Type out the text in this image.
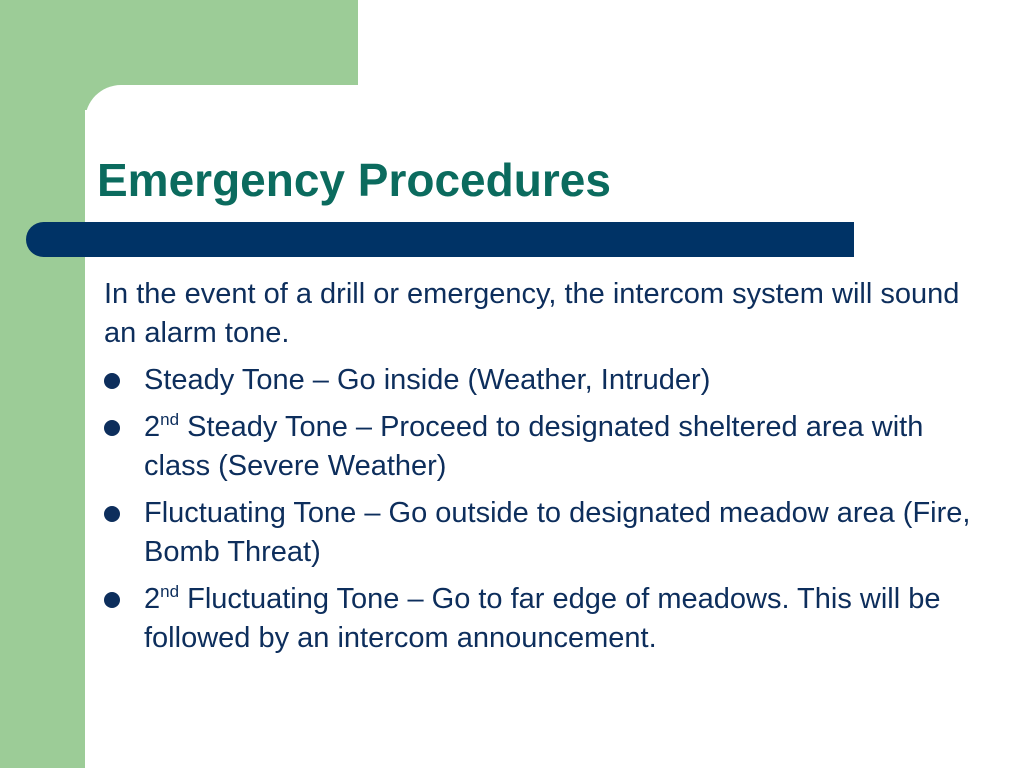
Emergency Procedures

In the event of a drill or emergency, the intercom system will sound an alarm tone.

Steady Tone – Go inside (Weather, Intruder)
2nd Steady Tone – Proceed to designated sheltered area with class (Severe Weather)
Fluctuating Tone – Go outside to designated meadow area (Fire, Bomb Threat)
2nd Fluctuating Tone – Go to far edge of meadows. This will be followed by an intercom announcement.
